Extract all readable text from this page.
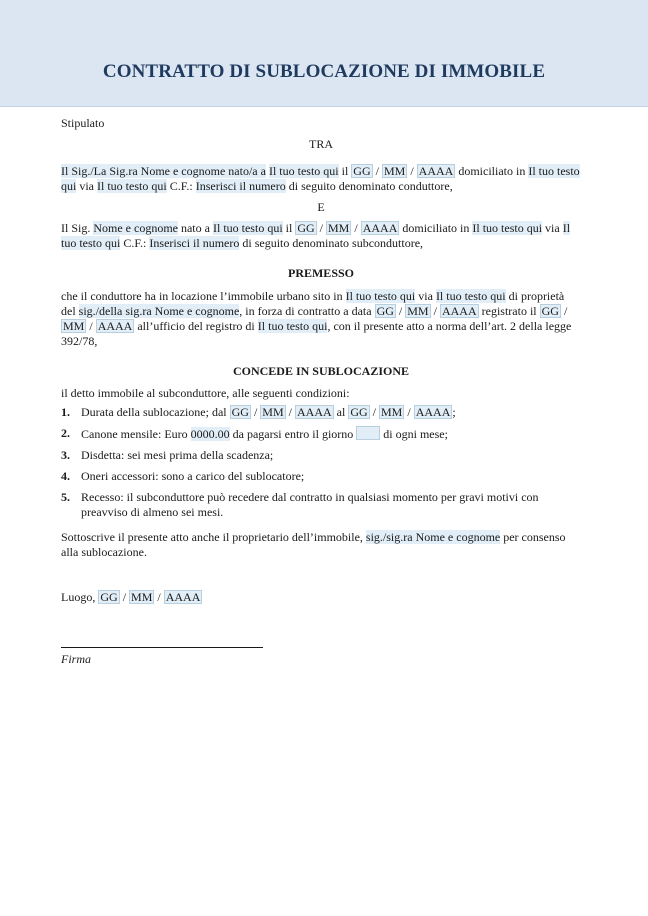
CONTRATTO DI SUBLOCAZIONE DI IMMOBILE

Stipulato

TRA

Il Sig./La Sig.ra Nome e cognome nato/a a Il tuo testo qui il GG / MM / AAAA domiciliato in Il tuo testo qui via Il tuo testo qui C.F.: Inserisci il numero di seguito denominato conduttore,

E

Il Sig. Nome e cognome nato a Il tuo testo qui il GG / MM / AAAA domiciliato in Il tuo testo qui via Il tuo testo qui C.F.: Inserisci il numero di seguito denominato subconduttore,

PREMESSO

che il conduttore ha in locazione l’immobile urbano sito in Il tuo testo qui via Il tuo testo qui di proprietà del sig./della sig.ra Nome e cognome, in forza di contratto a data GG / MM / AAAA registrato il GG / MM / AAAA all’ufficio del registro di Il tuo testo qui, con il presente atto a norma dell’art. 2 della legge 392/78,

CONCEDE IN SUBLOCAZIONE

il detto immobile al subconduttore, alle seguenti condizioni:

1. Durata della sublocazione; dal GG / MM / AAAA al GG / MM / AAAA ;
2. Canone mensile: Euro 0000.00 da pagarsi entro il giorno	di ogni mese;
3. Disdetta: sei mesi prima della scadenza;
4. Oneri accessori: sono a carico del sublocatore;
5. Recesso: il subconduttore può recedere dal contratto in qualsiasi momento per gravi motivi con preavviso di almeno sei mesi.

Sottoscrive il presente atto anche il proprietario dell’immobile, sig./sig.ra Nome e cognome per consenso alla sublocazione.

Luogo, GG / MM / AAAA

Firma
